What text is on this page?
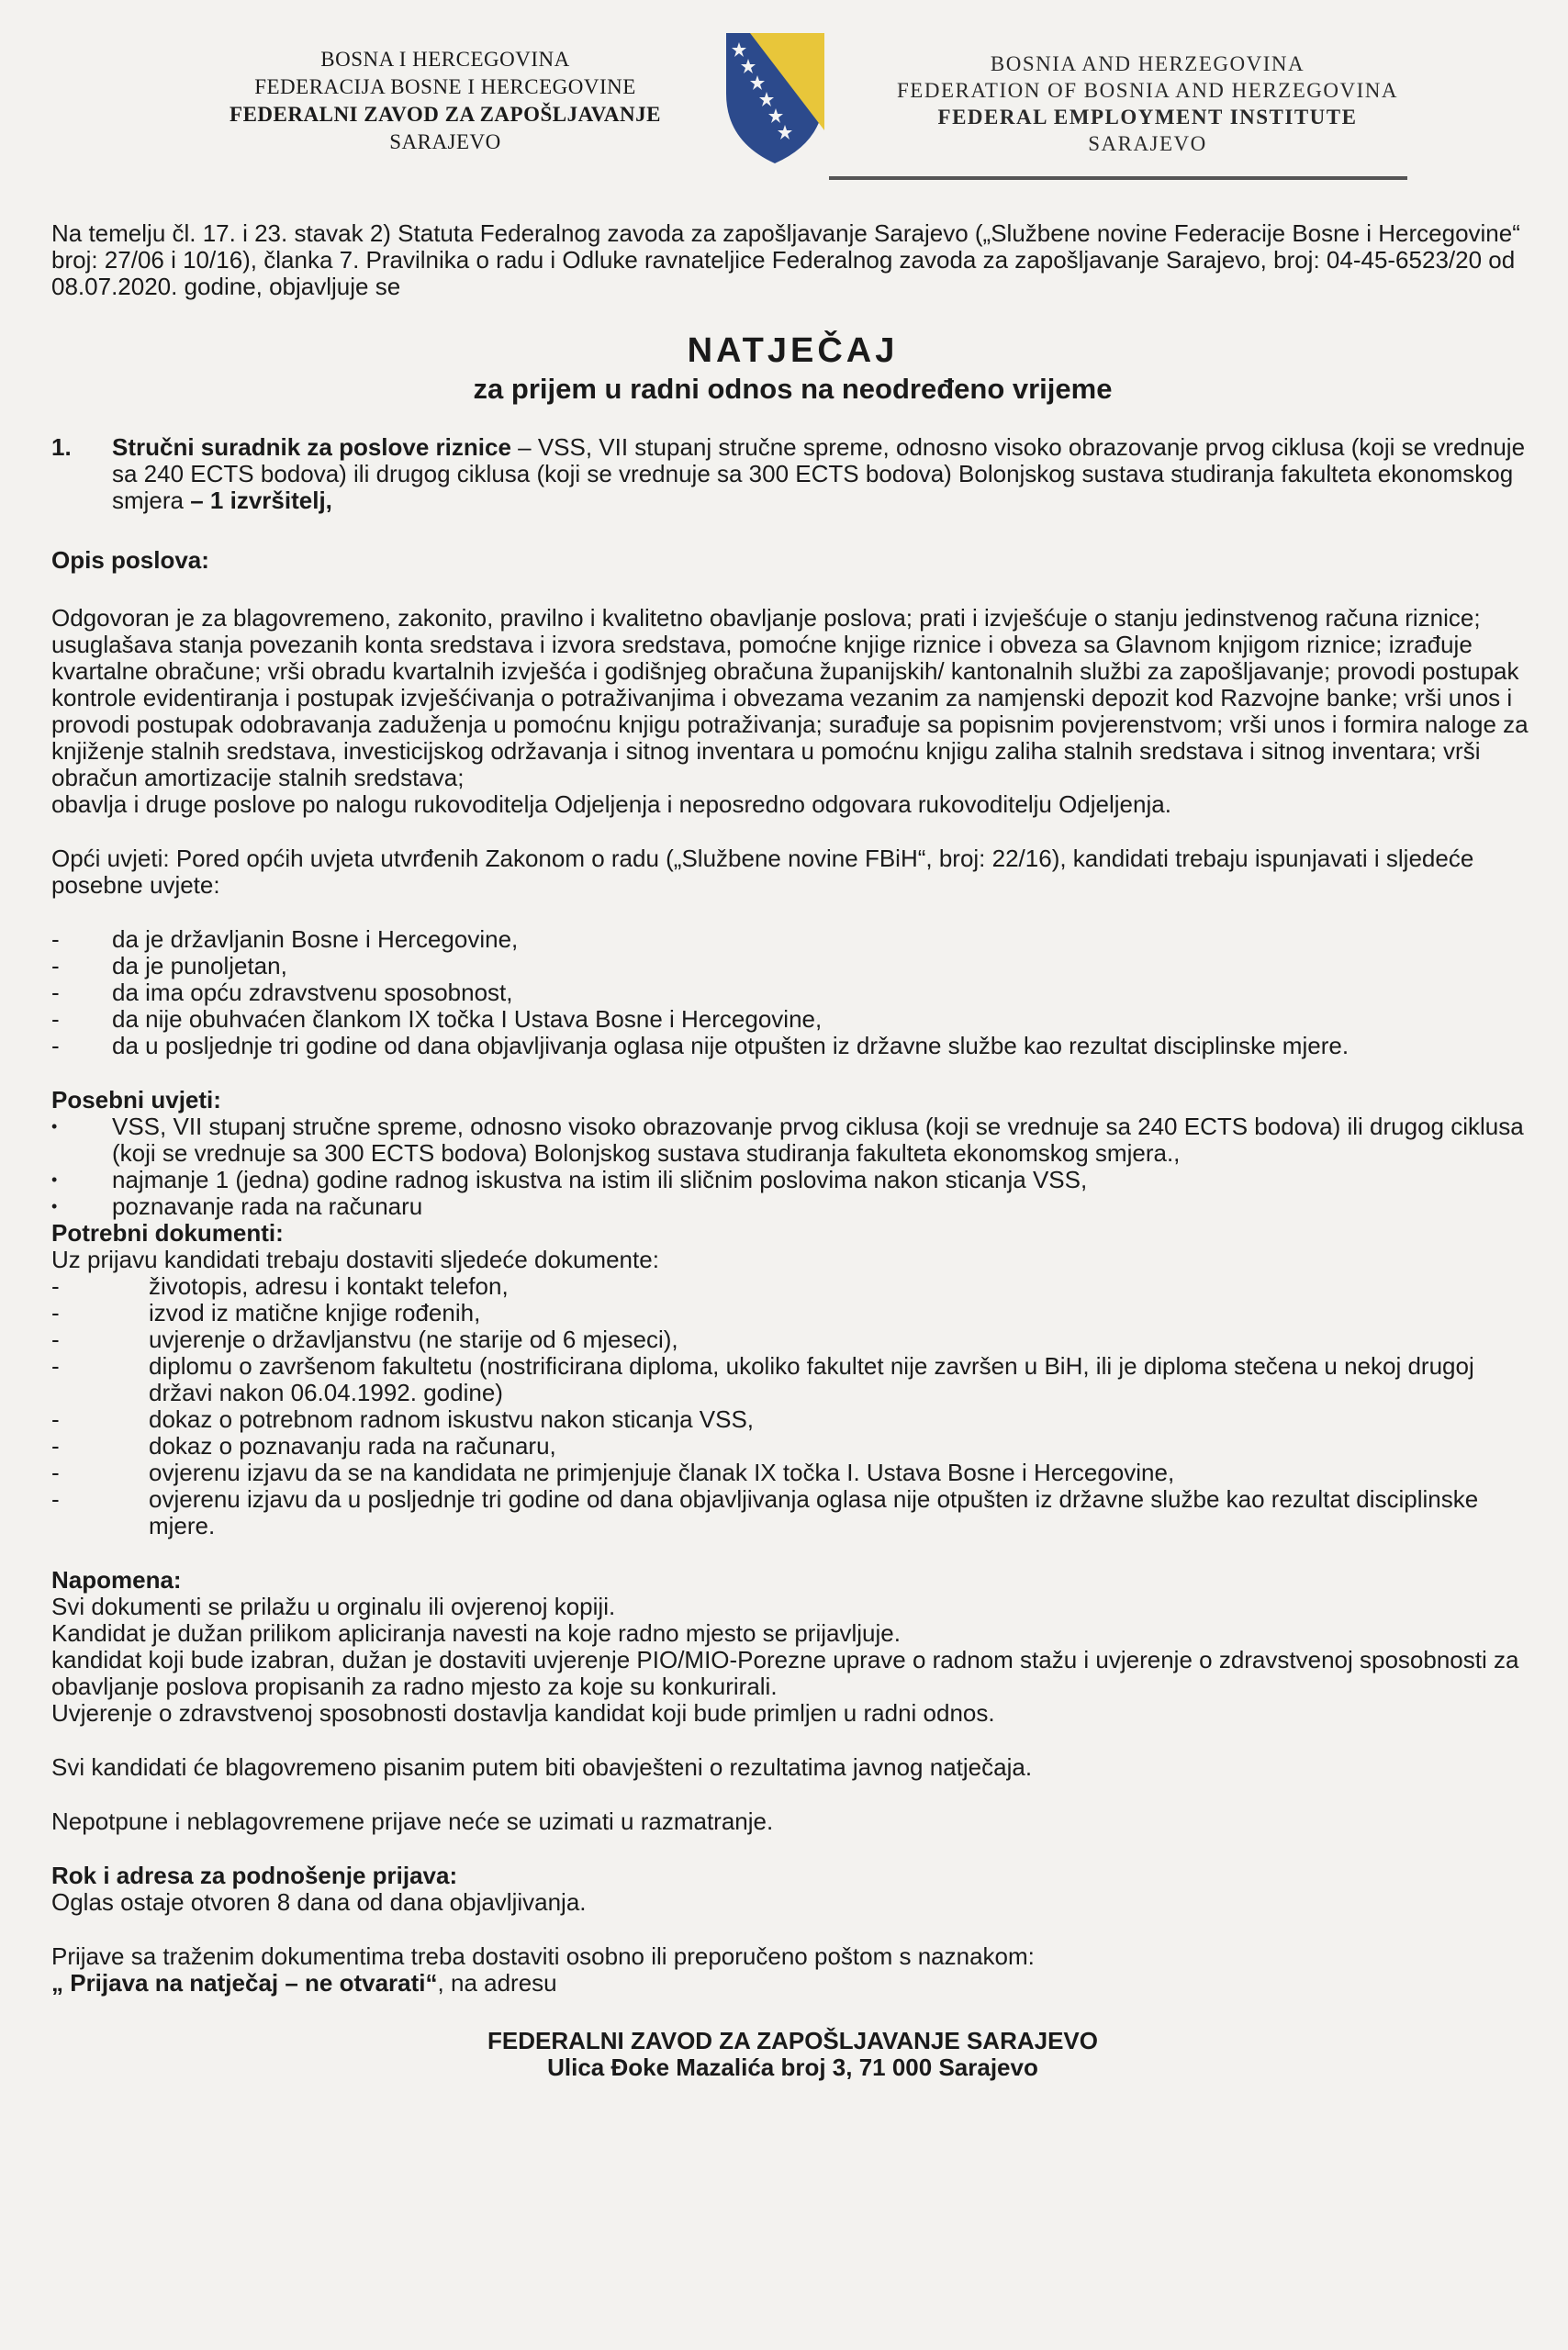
BOSNA I HERCEGOVINA
FEDERACIJA BOSNE I HERCEGOVINE
FEDERALNI ZAVOD ZA ZAPOŠLJAVANJE
SARAJEVO
BOSNIA AND HERZEGOVINA
FEDERATION OF BOSNIA AND HERZEGOVINA
FEDERAL EMPLOYMENT INSTITUTE
SARAJEVO

Na temelju čl. 17. i 23. stavak 2) Statuta Federalnog zavoda za zapošljavanje Sarajevo („Službene novine Federacije Bosne i Hercegovine“ broj: 27/06 i 10/16), članka 7. Pravilnika o radu i Odluke ravnateljice Federalnog zavoda za zapošljavanje Sarajevo, broj: 04-45-6523/20 od 08.07.2020. godine, objavljuje se

NATJEČAJ
za prijem u radni odnos na neodređeno vrijeme
1.	Stručni suradnik za poslove riznice – VSS, VII stupanj stručne spreme, odnosno visoko obrazovanje prvog ciklusa (koji se vrednuje sa 240 ECTS bodova) ili drugog ciklusa (koji se vrednuje sa 300 ECTS bodova) Bolonjskog sustava studiranja fakulteta ekonomskog smjera – 1 izvršitelj,
Opis poslova:

Odgovoran je za blagovremeno, zakonito, pravilno i kvalitetno obavljanje poslova; prati i izvješćuje o stanju jedinstvenog računa riznice; usuglašava stanja povezanih konta sredstava i izvora sredstava, pomoćne knjige riznice i obveza sa Glavnom knjigom riznice; izrađuje kvartalne obračune; vrši obradu kvartalnih izvješća i godišnjeg obračuna županijskih/ kantonalnih službi za zapošljavanje; provodi postupak kontrole evidentiranja i postupak izvješćivanja o potraživanjima i obvezama vezanim za namjenski depozit kod Razvojne banke; vrši unos i provodi postupak odobravanja zaduženja u pomoćnu knjigu potraživanja; surađuje sa popisnim povjerenstvom; vrši unos i formira naloge za knjiženje stalnih sredstava, investicijskog održavanja i sitnog inventara u pomoćnu knjigu zaliha stalnih sredstava i sitnog inventara; vrši obračun amortizacije stalnih sredstava;

obavlja i druge poslove po nalogu rukovoditelja Odjeljenja i neposredno odgovara rukovoditelju Odjeljenja.

Opći uvjeti: Pored općih uvjeta utvrđenih Zakonom o radu („Službene novine FBiH“, broj: 22/16), kandidati trebaju ispunjavati i sljedeće posebne uvjete:

- da je državljanin Bosne i Hercegovine,
- da je punoljetan,
- da ima opću zdravstvenu sposobnost,
- da nije obuhvaćen člankom IX točka I Ustava Bosne i Hercegovine,
- da u posljednje tri godine od dana objavljivanja oglasa nije otpušten iz državne službe kao rezultat disciplinske mjere.
Posebni uvjeti:
• VSS, VII stupanj stručne spreme, odnosno visoko obrazovanje prvog ciklusa (koji se vrednuje sa 240 ECTS bodova) ili drugog ciklusa (koji se vrednuje sa 300 ECTS bodova) Bolonjskog sustava studiranja fakulteta ekonomskog smjera.,
• najmanje 1 (jedna) godine radnog iskustva na istim ili sličnim poslovima nakon sticanja VSS,
• poznavanje rada na računaru
Potrebni dokumenti:
Uz prijavu kandidati trebaju dostaviti sljedeće dokumente:
- životopis, adresu i kontakt telefon,
- izvod iz matične knjige rođenih,
- uvjerenje o državljanstvu (ne starije od 6 mjeseci),
- diplomu o završenom fakultetu (nostrificirana diploma, ukoliko fakultet nije završen u BiH, ili je diploma stečena u nekoj drugoj državi nakon 06.04.1992. godine)
- dokaz o potrebnom radnom iskustvu nakon sticanja VSS,
- dokaz o poznavanju rada na računaru,
- ovjerenu izjavu da se na kandidata ne primjenjuje članak IX točka I. Ustava Bosne i Hercegovine,
- ovjerenu izjavu da u posljednje tri godine od dana objavljivanja oglasa nije otpušten iz državne službe kao rezultat disciplinske mjere.
Napomena:

Svi dokumenti se prilažu u orginalu ili ovjerenoj kopiji.

Kandidat je dužan prilikom apliciranja navesti na koje radno mjesto se prijavljuje.

kandidat koji bude izabran, dužan je dostaviti uvjerenje PIO/MIO-Porezne uprave o radnom stažu i uvjerenje o zdravstvenoj sposobnosti za obavljanje poslova propisanih za radno mjesto za koje su konkurirali.

Uvjerenje o zdravstvenoj sposobnosti dostavlja kandidat koji bude primljen u radni odnos.

Svi kandidati će blagovremeno pisanim putem biti obavješteni o rezultatima javnog natječaja.

Nepotpune i neblagovremene prijave neće se uzimati u razmatranje.

Rok i adresa za podnošenje prijava:

Oglas ostaje otvoren 8 dana od dana objavljivanja.

Prijave sa traženim dokumentima treba dostaviti osobno ili preporučeno poštom s naznakom:

„ Prijava na natječaj – ne otvarati“, na adresu

FEDERALNI ZAVOD ZA ZAPOŠLJAVANJE SARAJEVO
Ulica Đoke Mazalića broj 3, 71 000 Sarajevo
